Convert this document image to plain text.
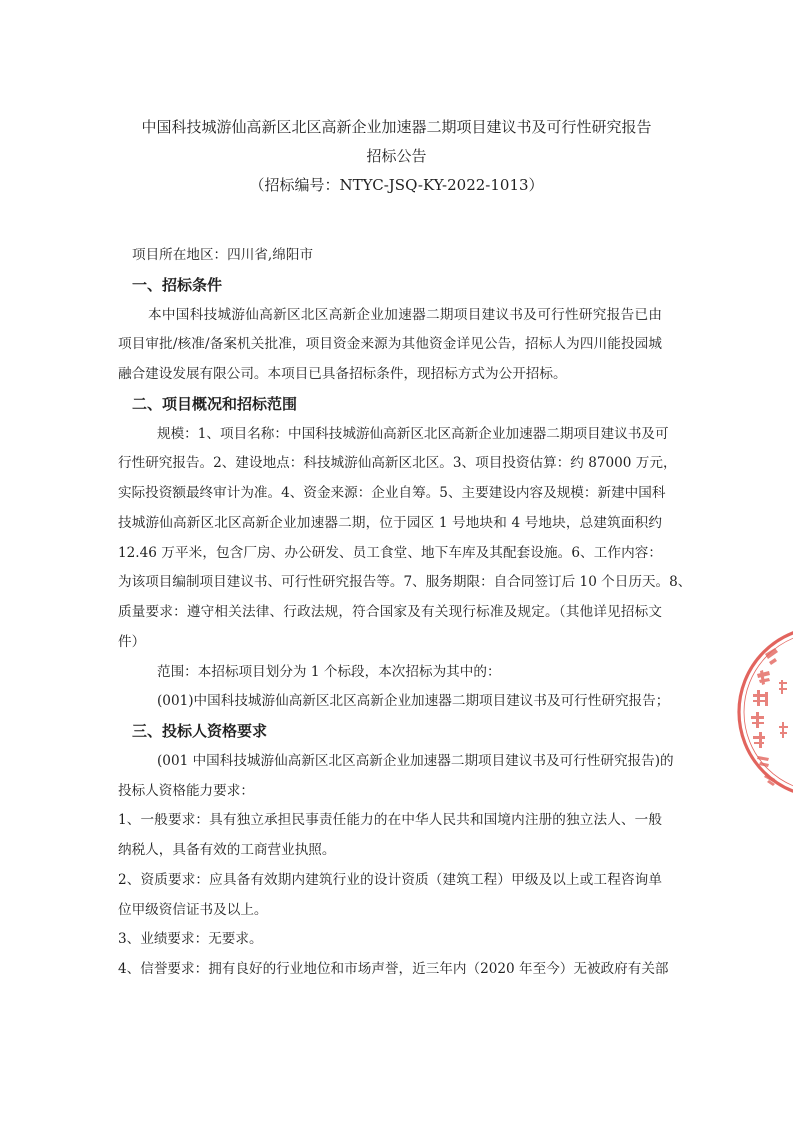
中国科技城游仙高新区北区高新企业加速器二期项目建议书及可行性研究报告
招标公告
（招标编号：NTYC-JSQ-KY-2022-1013）
项目所在地区：四川省,绵阳市
一、招标条件
本中国科技城游仙高新区北区高新企业加速器二期项目建议书及可行性研究报告已由
项目审批/核准/备案机关批准，项目资金来源为其他资金详见公告，招标人为四川能投园城
融合建设发展有限公司。本项目已具备招标条件，现招标方式为公开招标。
二、项目概况和招标范围
规模：1、项目名称：中国科技城游仙高新区北区高新企业加速器二期项目建议书及可
行性研究报告。2、建设地点：科技城游仙高新区北区。3、项目投资估算：约 87000 万元，
实际投资额最终审计为准。4、资金来源：企业自筹。5、主要建设内容及规模：新建中国科
技城游仙高新区北区高新企业加速器二期，位于园区 1 号地块和 4 号地块，总建筑面积约
12.46 万平米，包含厂房、办公研发、员工食堂、地下车库及其配套设施。6、工作内容：
为该项目编制项目建议书、可行性研究报告等。7、服务期限：自合同签订后 10 个日历天。8、
质量要求：遵守相关法律、行政法规，符合国家及有关现行标准及规定。（其他详见招标文
件）
范围：本招标项目划分为 1 个标段，本次招标为其中的：
(001)中国科技城游仙高新区北区高新企业加速器二期项目建议书及可行性研究报告；
三、投标人资格要求
(001 中国科技城游仙高新区北区高新企业加速器二期项目建议书及可行性研究报告)的
投标人资格能力要求：
1、一般要求：具有独立承担民事责任能力的在中华人民共和国境内注册的独立法人、一般
纳税人，具备有效的工商营业执照。
2、资质要求：应具备有效期内建筑行业的设计资质（建筑工程）甲级及以上或工程咨询单
位甲级资信证书及以上。
3、业绩要求：无要求。
4、信誉要求：拥有良好的行业地位和市场声誉，近三年内（2020 年至今）无被政府有关部
